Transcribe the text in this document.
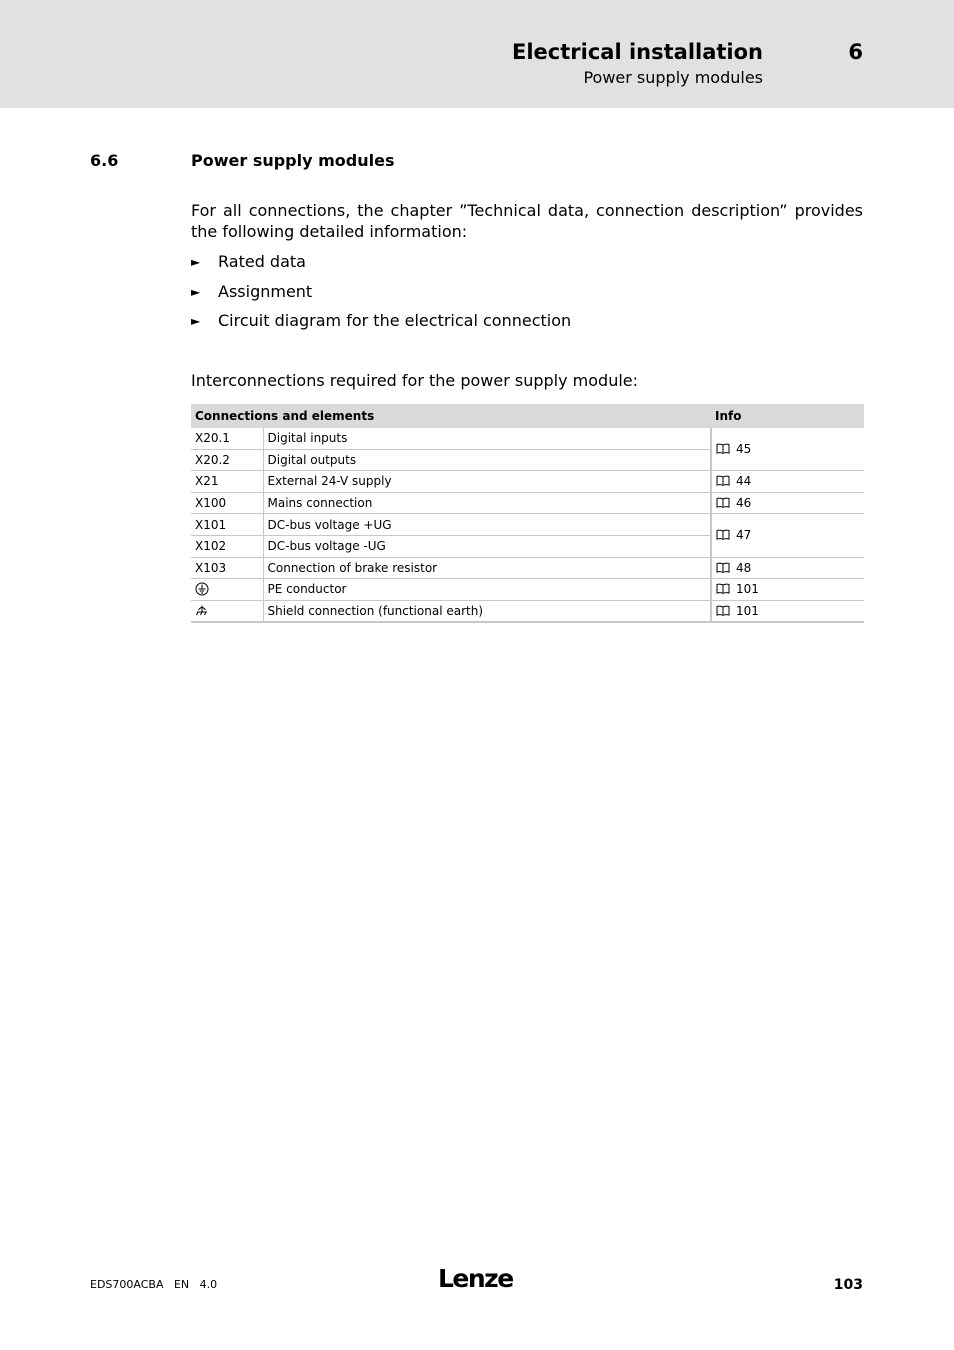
Electrical installation	6
Power supply modules
6.6	Power supply modules
For all connections, the chapter ”Technical data, connection description” provides the following detailed information:
► Rated data
► Assignment
► Circuit diagram for the electrical connection
Interconnections required for the power supply module:
Connections and elements		Info
X20.1	Digital inputs	45
X20.2	Digital outputs	
X21	External 24-V supply	44
X100	Mains connection	46
X101	DC-bus voltage +UG	47
X102	DC-bus voltage -UG	
X103	Connection of brake resistor	48
	PE conductor	101
	Shield connection (functional earth)	101
EDS700ACBA   EN   4.0	Lenze	103
